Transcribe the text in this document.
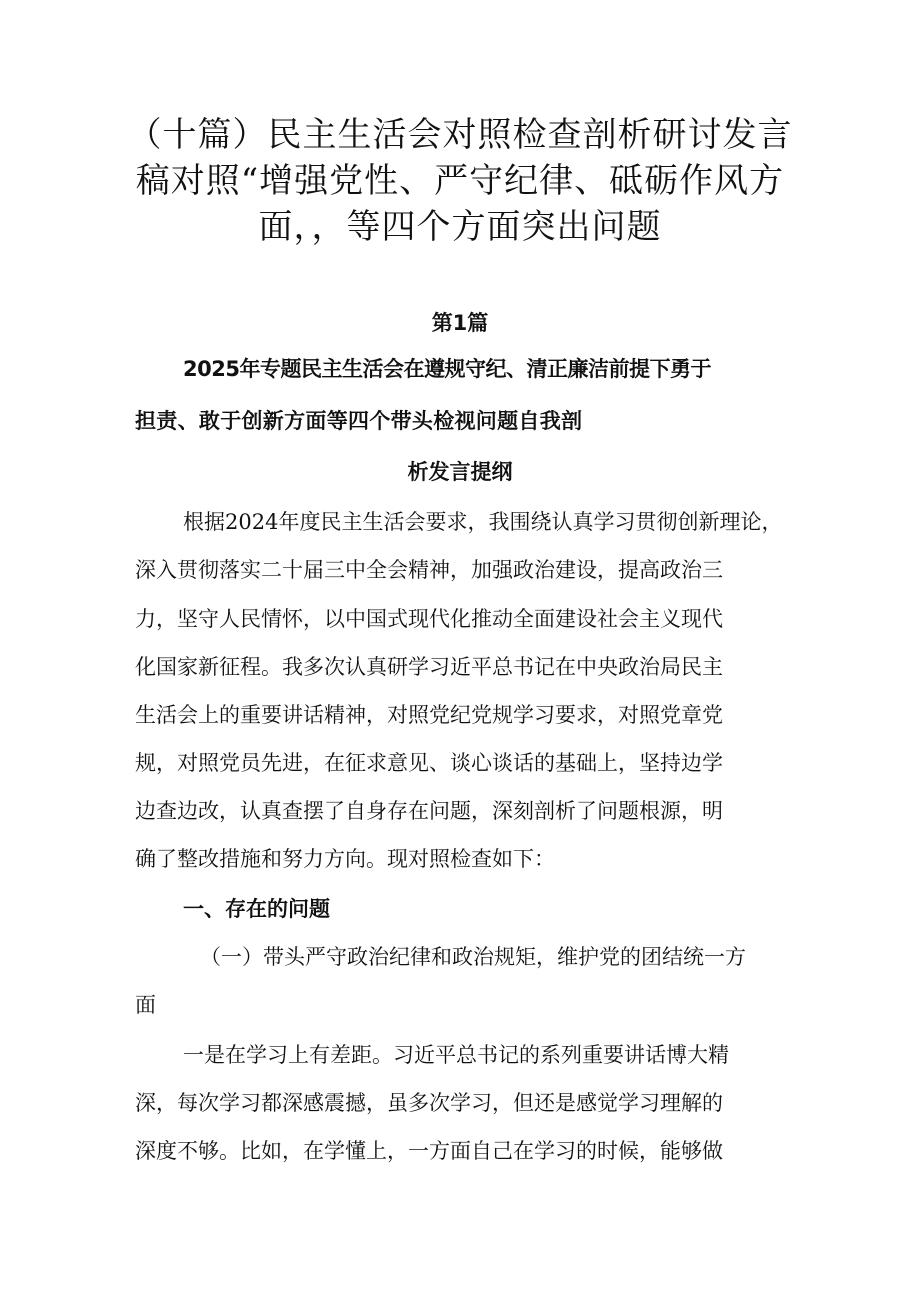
（十篇）民主生活会对照检查剖析研讨发言
稿对照“增强党性、严守纪律、砥砺作风方
面，，等四个方面突出问题
第1篇
2025年专题民主生活会在遵规守纪、清正廉洁前提下勇于
担责、敢于创新方面等四个带头检视问题自我剖
析发言提纲
根据2024年度民主生活会要求，我围绕认真学习贯彻创新理论，
深入贯彻落实二十届三中全会精神，加强政治建设，提高政治三
力，坚守人民情怀，以中国式现代化推动全面建设社会主义现代
化国家新征程。我多次认真研学习近平总书记在中央政治局民主
生活会上的重要讲话精神，对照党纪党规学习要求，对照党章党
规，对照党员先进，在征求意见、谈心谈话的基础上，坚持边学
边查边改，认真查摆了自身存在问题，深刻剖析了问题根源，明
确了整改措施和努力方向。现对照检查如下：
一、存在的问题
（一）带头严守政治纪律和政治规矩，维护党的团结统一方
面
一是在学习上有差距。习近平总书记的系列重要讲话博大精
深，每次学习都深感震撼，虽多次学习，但还是感觉学习理解的
深度不够。比如，在学懂上，一方面自己在学习的时候，能够做
